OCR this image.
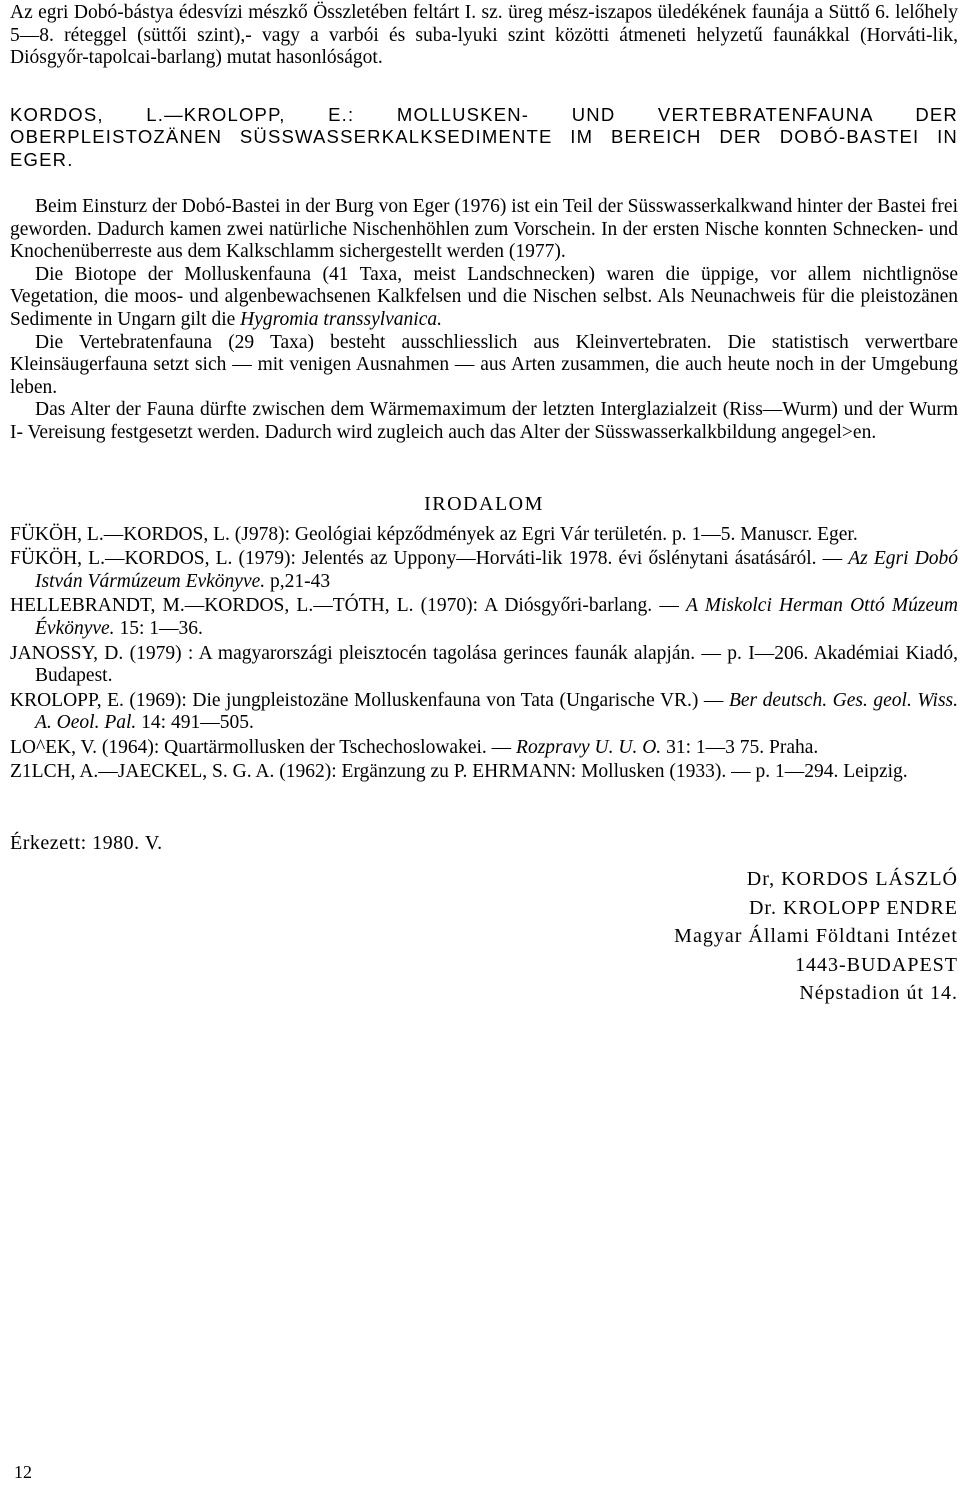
Az egri Dobó-bástya édesvízi mészkő Összletében feltárt I. sz. üreg mész-iszapos üledékének faunája a Süttő 6. lelőhely 5—8. réteggel (süttői szint),- vagy a varbói és suba-lyuki szint közötti átmeneti helyzetű faunákkal (Horváti-lik, Diósgyőr-tapolcai-barlang) mutat hasonlóságot.

KORDOS, L.—KROLOPP, E.: MOLLUSKEN- UND VERTEBRATENFAUNA DER OBERPLEISTOZÄNEN SÜSSWASSERKALKSEDIMENTE IM BEREICH DER DOBÓ-BASTEI IN EGER.

Beim Einsturz der Dobó-Bastei in der Burg von Eger (1976) ist ein Teil der Süsswasserkalkwand hinter der Bastei frei geworden. Dadurch kamen zwei natürliche Nischenhöhlen zum Vorschein. In der ersten Nische konnten Schnecken- und Knochenüberreste aus dem Kalkschlamm sichergestellt werden (1977).

Die Biotope der Molluskenfauna (41 Taxa, meist Landschnecken) waren die üppige, vor allem nichtlignöse Vegetation, die moos- und algenbewachsenen Kalkfelsen und die Nischen selbst. Als Neunachweis für die pleistozänen Sedimente in Ungarn gilt die Hygromia transsylvanica.

Die Vertebratenfauna (29 Taxa) besteht ausschliesslich aus Kleinvertebraten. Die statistisch verwertbare Kleinsäugerfauna setzt sich — mit venigen Ausnahmen — aus Arten zusammen, die auch heute noch in der Umgebung leben.

Das Alter der Fauna dürfte zwischen dem Wärmemaximum der letzten Interglazialzeit (Riss—Wurm) und der Wurm I- Vereisung festgesetzt werden. Dadurch wird zugleich auch das Alter der Süsswasserkalkbildung angegel>en.

IRODALOM

FÜKÖH, L.—KORDOS, L. (J978): Geológiai képződmények az Egri Vár területén. p. 1—5. Manuscr. Eger.

FÜKÖH, L.—KORDOS, L. (1979): Jelentés az Uppony—Horváti-lik 1978. évi őslénytani ásatásáról. — Az Egri Dobó István Vármúzeum Evkönyve. p,21-43

HELLEBRANDT, M.—KORDOS, L.—TÓTH, L. (1970): A Diósgyőri-barlang. — A Miskolci Herman Ottó Múzeum Évkönyve. 15: 1—36.

JANOSSY, D. (1979) : A magyarországi pleisztocén tagolása gerinces faunák alapján. — p. I—206. Akadémiai Kiadó, Budapest.

KROLOPP, E. (1969): Die jungpleistozäne Molluskenfauna von Tata (Ungarische VR.) — Ber deutsch. Ges. geol. Wiss. A. Oeol. Pal. 14: 491—505.

LO^EK, V. (1964): Quartärmollusken der Tschechoslowakei. — Rozpravy U. U. O. 31: 1—3 75. Praha.

Z1LCH, A.—JAECKEL, S. G. A. (1962): Ergänzung zu P. EHRMANN: Mollusken (1933). — p. 1—294. Leipzig.

Érkezett: 1980. V.

Dr, KORDOS LÁSZLÓ
Dr. KROLOPP ENDRE
Magyar Állami Földtani Intézet
1443-BUDAPEST
Népstadion út 14.
12
